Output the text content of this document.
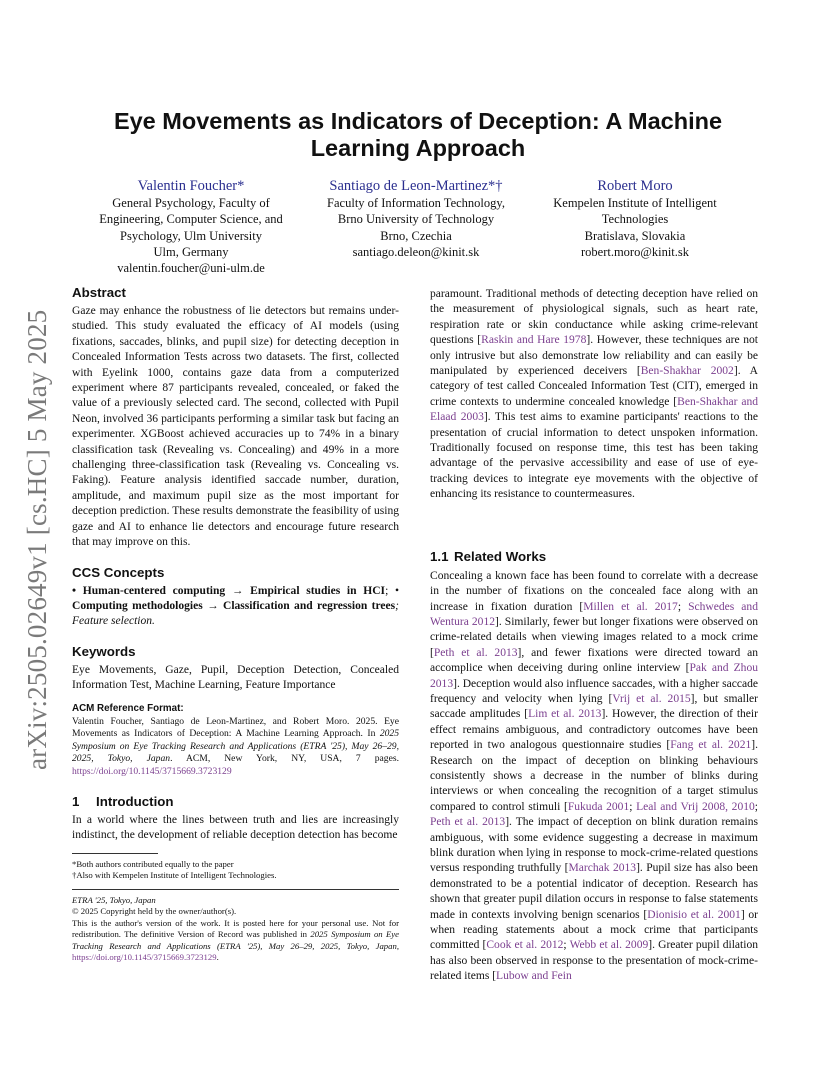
arXiv:2505.02649v1 [cs.HC] 5 May 2025
Eye Movements as Indicators of Deception: A Machine Learning Approach
Valentin Foucher*
General Psychology, Faculty of
Engineering, Computer Science, and
Psychology, Ulm University
Ulm, Germany
valentin.foucher@uni-ulm.de
Santiago de Leon-Martinez*†
Faculty of Information Technology,
Brno University of Technology
Brno, Czechia
santiago.deleon@kinit.sk
Robert Moro
Kempelen Institute of Intelligent
Technologies
Bratislava, Slovakia
robert.moro@kinit.sk
Abstract

Gaze may enhance the robustness of lie detectors but remains under-studied. This study evaluated the efficacy of AI models (using fixations, saccades, blinks, and pupil size) for detecting deception in Concealed Information Tests across two datasets. The first, collected with Eyelink 1000, contains gaze data from a computerized experiment where 87 participants revealed, concealed, or faked the value of a previously selected card. The second, collected with Pupil Neon, involved 36 participants performing a similar task but facing an experimenter. XGBoost achieved accuracies up to 74% in a binary classification task (Revealing vs. Concealing) and 49% in a more challenging three-classification task (Revealing vs. Concealing vs. Faking). Feature analysis identified saccade number, duration, amplitude, and maximum pupil size as the most important for deception prediction. These results demonstrate the feasibility of using gaze and AI to enhance lie detectors and encourage future research that may improve on this.

CCS Concepts

• Human-centered computing → Empirical studies in HCI; • Computing methodologies → Classification and regression trees; Feature selection.

Keywords

Eye Movements, Gaze, Pupil, Deception Detection, Concealed Information Test, Machine Learning, Feature Importance

ACM Reference Format:

Valentin Foucher, Santiago de Leon-Martinez, and Robert Moro. 2025. Eye Movements as Indicators of Deception: A Machine Learning Approach. In 2025 Symposium on Eye Tracking Research and Applications (ETRA '25), May 26–29, 2025, Tokyo, Japan. ACM, New York, NY, USA, 7 pages. https://doi.org/10.1145/3715669.3723129

1 Introduction

In a world where the lines between truth and lies are increasingly indistinct, the development of reliable deception detection has become

*Both authors contributed equally to the paper
†Also with Kempelen Institute of Intelligent Technologies.
ETRA '25, Tokyo, Japan
© 2025 Copyright held by the owner/author(s).
This is the author's version of the work. It is posted here for your personal use. Not for redistribution. The definitive Version of Record was published in 2025 Symposium on Eye Tracking Research and Applications (ETRA '25), May 26–29, 2025, Tokyo, Japan, https://doi.org/10.1145/3715669.3723129.

paramount. Traditional methods of detecting deception have relied on the measurement of physiological signals, such as heart rate, respiration rate or skin conductance while asking crime-relevant questions [Raskin and Hare 1978]. However, these techniques are not only intrusive but also demonstrate low reliability and can easily be manipulated by experienced deceivers [Ben-Shakhar 2002]. A category of test called Concealed Information Test (CIT), emerged in crime contexts to undermine concealed knowledge [Ben-Shakhar and Elaad 2003]. This test aims to examine participants' reactions to the presentation of crucial information to detect unspoken information. Traditionally focused on response time, this test has been taking advantage of the pervasive accessibility and ease of use of eye-tracking devices to integrate eye movements with the objective of enhancing its resistance to countermeasures.

1.1 Related Works

Concealing a known face has been found to correlate with a decrease in the number of fixations on the concealed face along with an increase in fixation duration [Millen et al. 2017; Schwedes and Wentura 2012]. Similarly, fewer but longer fixations were observed on crime-related details when viewing images related to a mock crime [Peth et al. 2013], and fewer fixations were directed toward an accomplice when deceiving during online interview [Pak and Zhou 2013]. Deception would also influence saccades, with a higher saccade frequency and velocity when lying [Vrij et al. 2015], but smaller saccade amplitudes [Lim et al. 2013]. However, the direction of their effect remains ambiguous, and contradictory outcomes have been reported in two analogous questionnaire studies [Fang et al. 2021]. Research on the impact of deception on blinking behaviours consistently shows a decrease in the number of blinks during interviews or when concealing the recognition of a target stimulus compared to control stimuli [Fukuda 2001; Leal and Vrij 2008, 2010; Peth et al. 2013]. The impact of deception on blink duration remains ambiguous, with some evidence suggesting a decrease in maximum blink duration when lying in response to mock-crime-related questions versus responding truthfully [Marchak 2013]. Pupil size has also been demonstrated to be a potential indicator of deception. Research has shown that greater pupil dilation occurs in response to false statements made in contexts involving benign scenarios [Dionisio et al. 2001] or when reading statements about a mock crime that participants committed [Cook et al. 2012; Webb et al. 2009]. Greater pupil dilation has also been observed in response to the presentation of mock-crime-related items [Lubow and Fein
